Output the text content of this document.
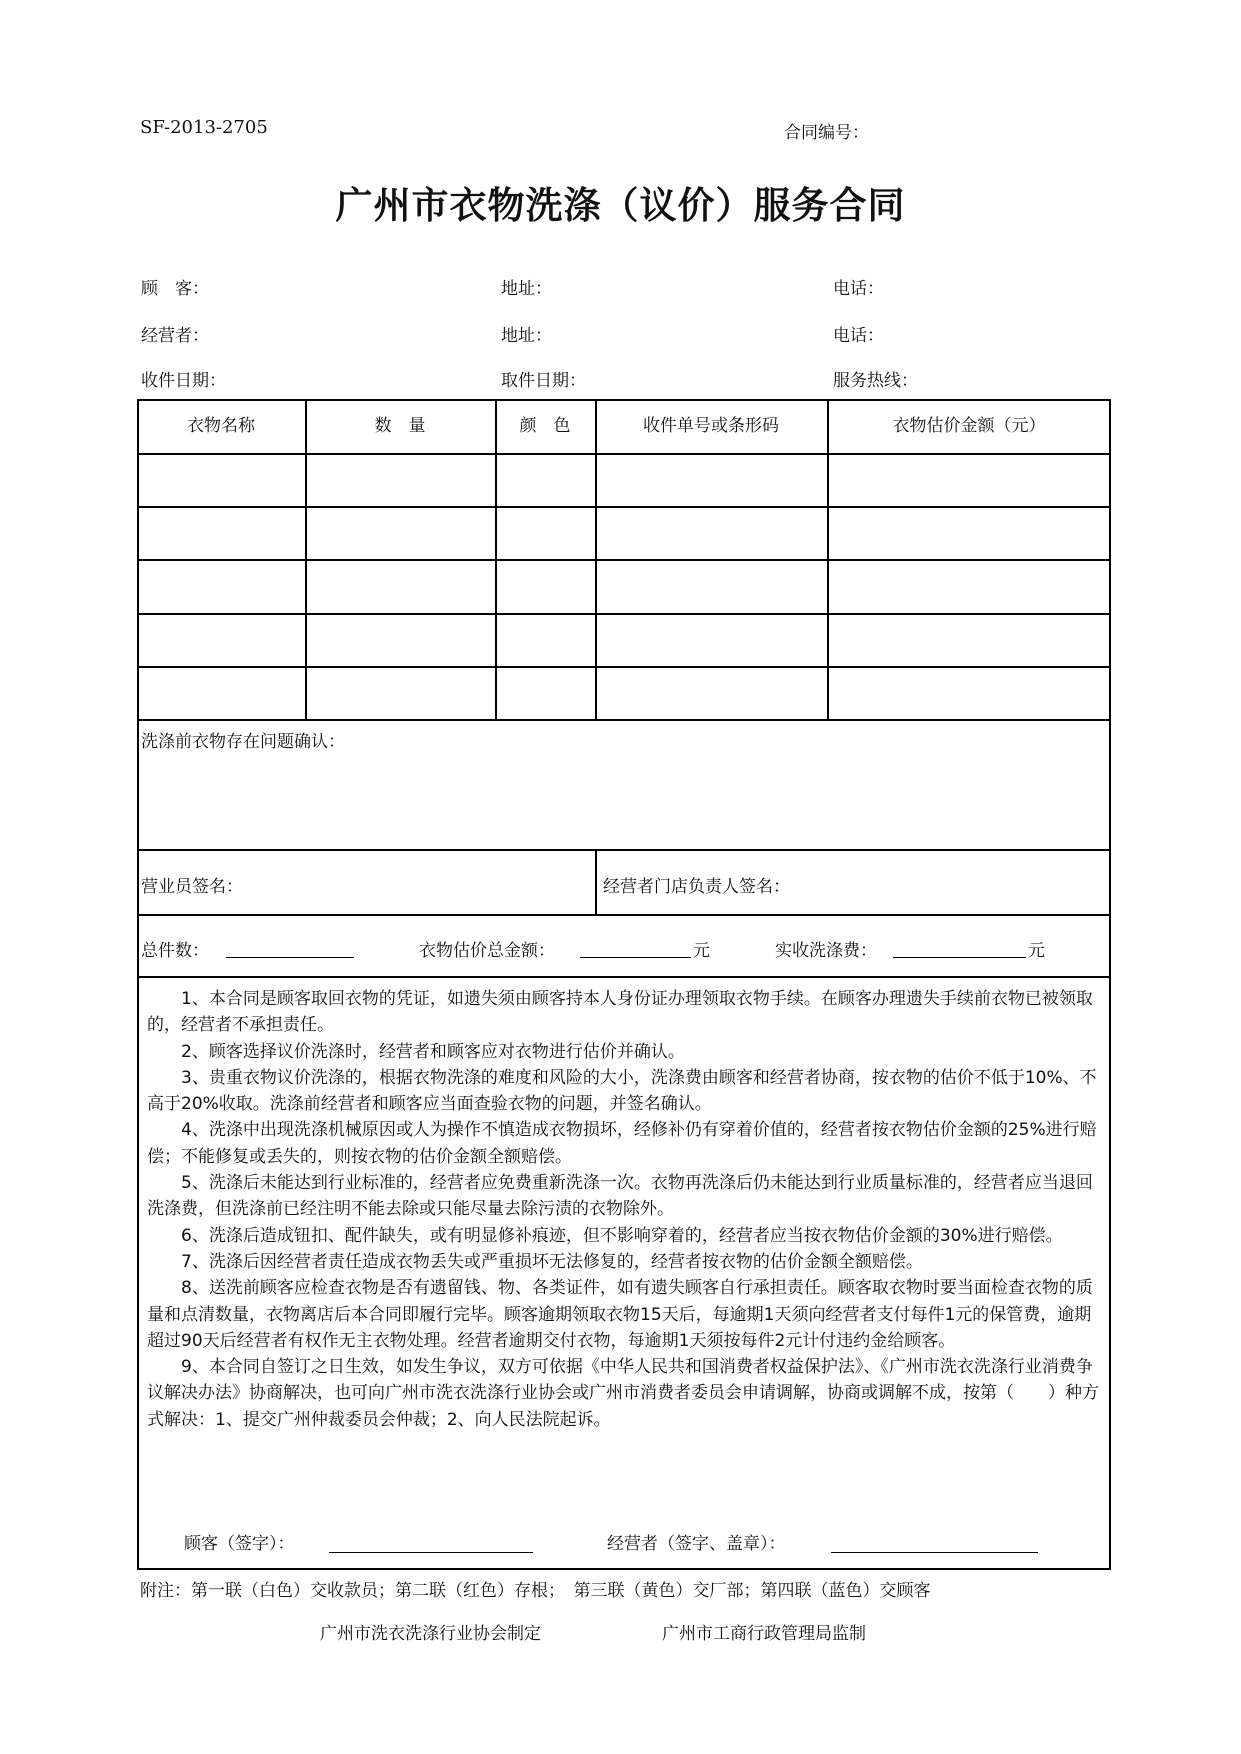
SF-2013-2705	合同编号：
广州市衣物洗涤（议价）服务合同
顾　客：	地址：	电话：
经营者：	地址：	电话：
收件日期：	取件日期：	服务热线：
衣物名称	数　量	颜　色	收件单号或条形码	衣物估价金额（元）
洗涤前衣物存在问题确认：
营业员签名：	经营者门店负责人签名：
总件数：	衣物估价总金额：	元	实收洗涤费：	元

1、本合同是顾客取回衣物的凭证，如遗失须由顾客持本人身份证办理领取衣物手续。在顾客办理遗失手续前衣物已被领取的，经营者不承担责任。

2、顾客选择议价洗涤时，经营者和顾客应对衣物进行估价并确认。

3、贵重衣物议价洗涤的，根据衣物洗涤的难度和风险的大小，洗涤费由顾客和经营者协商，按衣物的估价不低于10%、不高于20%收取。洗涤前经营者和顾客应当面查验衣物的问题，并签名确认。

4、洗涤中出现洗涤机械原因或人为操作不慎造成衣物损坏，经修补仍有穿着价值的，经营者按衣物估价金额的25%进行赔偿；不能修复或丢失的，则按衣物的估价金额全额赔偿。

5、洗涤后未能达到行业标准的，经营者应免费重新洗涤一次。衣物再洗涤后仍未能达到行业质量标准的，经营者应当退回洗涤费，但洗涤前已经注明不能去除或只能尽量去除污渍的衣物除外。

6、洗涤后造成钮扣、配件缺失，或有明显修补痕迹，但不影响穿着的，经营者应当按衣物估价金额的30%进行赔偿。

7、洗涤后因经营者责任造成衣物丢失或严重损坏无法修复的，经营者按衣物的估价金额全额赔偿。

8、送洗前顾客应检查衣物是否有遗留钱、物、各类证件，如有遗失顾客自行承担责任。顾客取衣物时要当面检查衣物的质量和点清数量，衣物离店后本合同即履行完毕。顾客逾期领取衣物15天后，每逾期1天须向经营者支付每件1元的保管费，逾期超过90天后经营者有权作无主衣物处理。经营者逾期交付衣物，每逾期1天须按每件2元计付违约金给顾客。

9、本合同自签订之日生效，如发生争议，双方可依据《中华人民共和国消费者权益保护法》、《广州市洗衣洗涤行业消费争议解决办法》协商解决，也可向广州市洗衣洗涤行业协会或广州市消费者委员会申请调解，协商或调解不成，按第（　　）种方式解决：1、提交广州仲裁委员会仲裁；2、向人民法院起诉。

顾客（签字）：	经营者（签字、盖章）：
附注：第一联（白色）交收款员；第二联（红色）存根；　第三联（黄色）交厂部；第四联（蓝色）交顾客
广州市洗衣洗涤行业协会制定	广州市工商行政管理局监制
